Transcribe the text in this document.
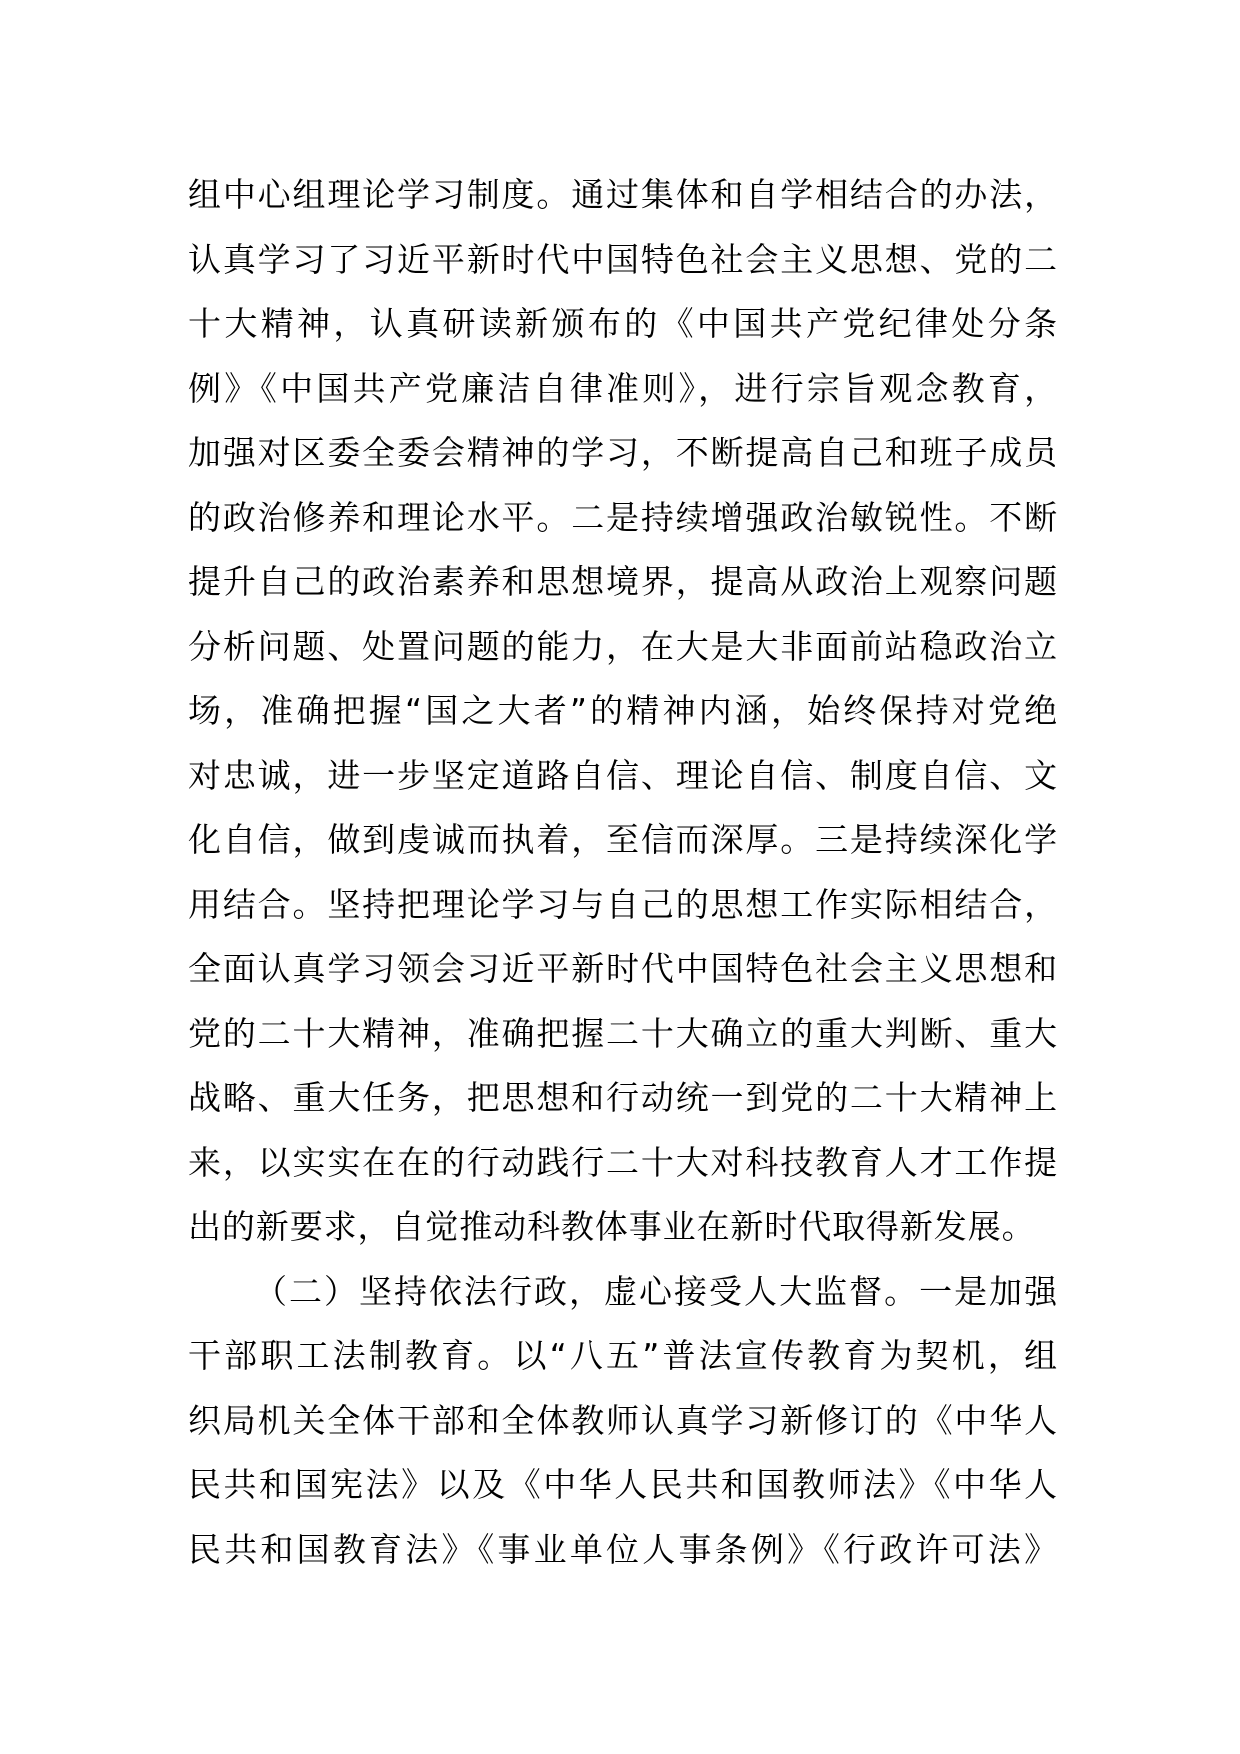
组中心组理论学习制度。通过集体和自学相结合的办法，
认真学习了习近平新时代中国特色社会主义思想、党的二
十大精神，认真研读新颁布的《中国共产党纪律处分条
例》《中国共产党廉洁自律准则》，进行宗旨观念教育，
加强对区委全委会精神的学习，不断提高自己和班子成员
的政治修养和理论水平。二是持续增强政治敏锐性。不断
提升自己的政治素养和思想境界，提高从政治上观察问题
分析问题、处置问题的能力，在大是大非面前站稳政治立
场，准确把握“国之大者”的精神内涵，始终保持对党绝
对忠诚，进一步坚定道路自信、理论自信、制度自信、文
化自信，做到虔诚而执着，至信而深厚。三是持续深化学
用结合。坚持把理论学习与自己的思想工作实际相结合，
全面认真学习领会习近平新时代中国特色社会主义思想和
党的二十大精神，准确把握二十大确立的重大判断、重大
战略、重大任务，把思想和行动统一到党的二十大精神上
来，以实实在在的行动践行二十大对科技教育人才工作提
出的新要求，自觉推动科教体事业在新时代取得新发展。
（二）坚持依法行政，虚心接受人大监督。一是加强
干部职工法制教育。以“八五”普法宣传教育为契机，组
织局机关全体干部和全体教师认真学习新修订的《中华人
民共和国宪法》以及《中华人民共和国教师法》《中华人
民共和国教育法》《事业单位人事条例》《行政许可法》
